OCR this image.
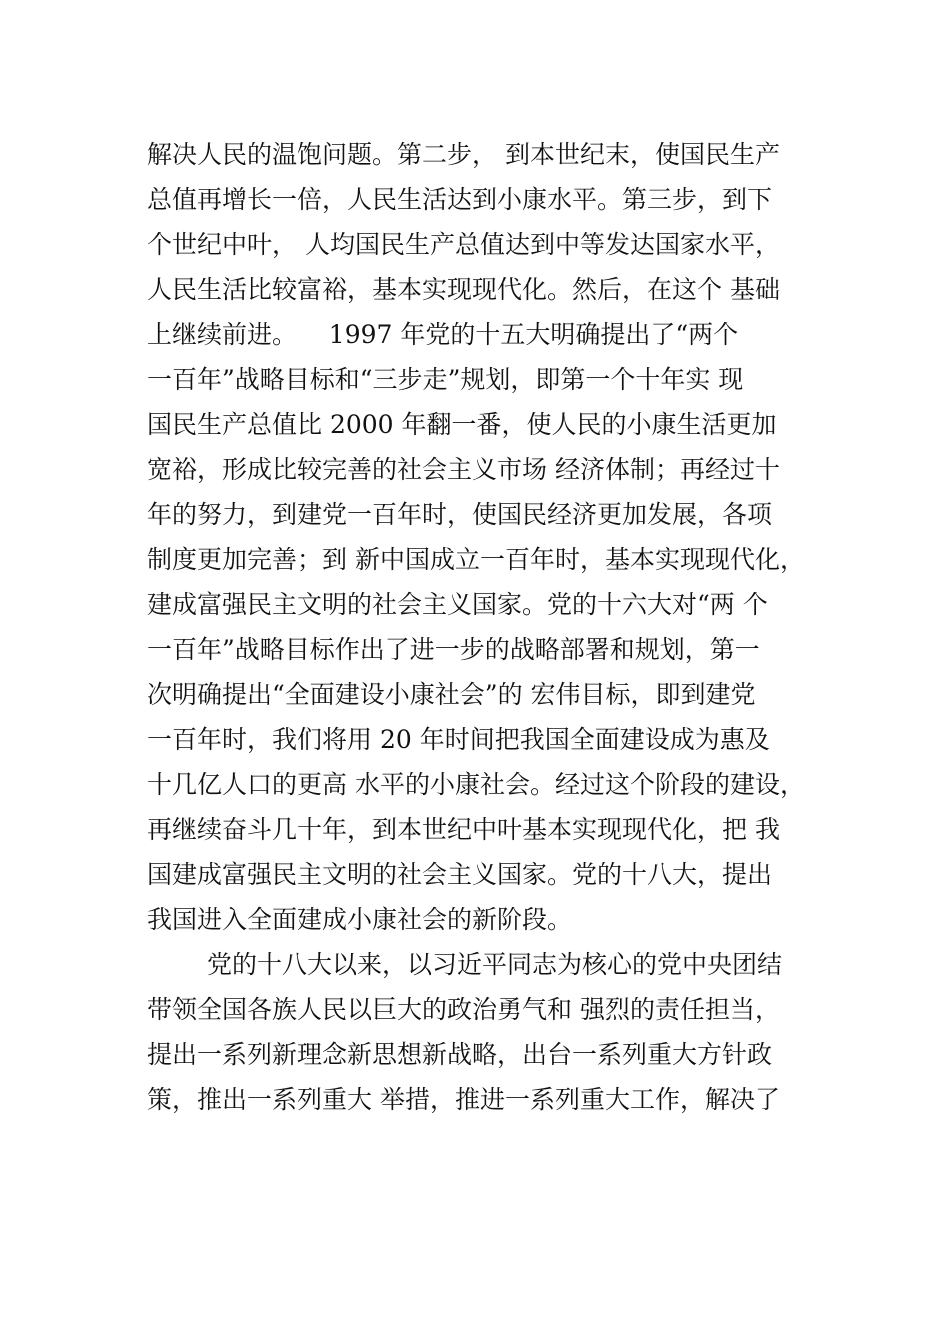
解决人民的温饱问题。第二步， 到本世纪末，使国民生产
总值再增长一倍，人民生活达到小康水平。第三步，到下
个世纪中叶， 人均国民生产总值达到中等发达国家水平，
人民生活比较富裕，基本实现现代化。然后，在这个 基础
上继续前进。    1997 年党的十五大明确提出了“两个
一百年”战略目标和“三步走”规划，即第一个十年实 现
国民生产总值比 2000 年翻一番，使人民的小康生活更加
宽裕，形成比较完善的社会主义市场 经济体制；再经过十
年的努力，到建党一百年时，使国民经济更加发展，各项
制度更加完善；到 新中国成立一百年时，基本实现现代化，
建成富强民主文明的社会主义国家。党的十六大对“两 个
一百年”战略目标作出了进一步的战略部署和规划，第一
次明确提出“全面建设小康社会”的 宏伟目标，即到建党
一百年时，我们将用 20 年时间把我国全面建设成为惠及
十几亿人口的更高 水平的小康社会。经过这个阶段的建设，
再继续奋斗几十年，到本世纪中叶基本实现现代化，把 我
国建成富强民主文明的社会主义国家。党的十八大，提出
我国进入全面建成小康社会的新阶段。
党的十八大以来，以习近平同志为核心的党中央团结
带领全国各族人民以巨大的政治勇气和 强烈的责任担当，
提出一系列新理念新思想新战略，出台一系列重大方针政
策，推出一系列重大 举措，推进一系列重大工作，解决了
